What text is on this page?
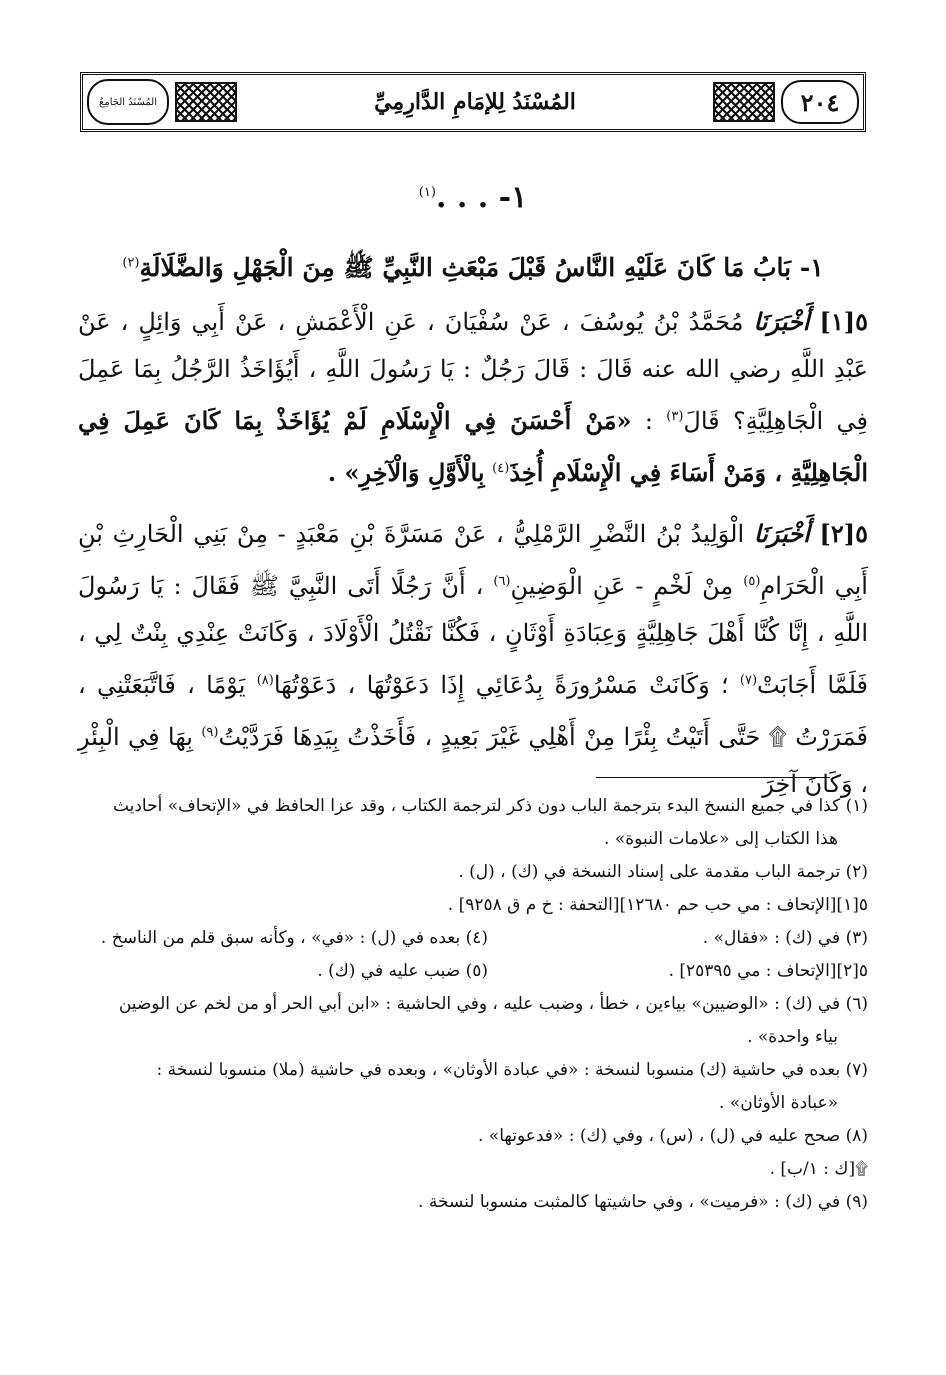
المُسْنَدُ الجَامِعُ	المُسْنَدُ لِلإمَامِ الدَّارِمِيِّ	٢٠٤
١- . . .$^{(١)}$
١- بَابُ مَا كَانَ عَلَيْهِ النَّاسُ قَبْلَ مَبْعَثِ النَّبِيِّ ﷺ مِنَ الْجَهْلِ وَالضَّلَالَةِ$^{(٢)}$
٥[١] أَخْبَرَنَا مُحَمَّدُ بْنُ يُوسُفَ ، عَنْ سُفْيَانَ ، عَنِ الْأَعْمَشِ ، عَنْ أَبِي وَائِلٍ ، عَنْ عَبْدِ اللَّهِ رضي الله عنه قَالَ : قَالَ رَجُلٌ : يَا رَسُولَ اللَّهِ ، أَيُؤَاخَذُ الرَّجُلُ بِمَا عَمِلَ فِي الْجَاهِلِيَّةِ؟ قَالَ$^{(٣)}$ : «مَنْ أَحْسَنَ فِي الْإِسْلَامِ لَمْ يُؤَاخَذْ بِمَا كَانَ عَمِلَ فِي الْجَاهِلِيَّةِ ، وَمَنْ أَسَاءَ فِي الْإِسْلَامِ أُخِذَ$^{(٤)}$ بِالْأَوَّلِ وَالْآخِرِ» .
٥[٢] أَخْبَرَنَا الْوَلِيدُ بْنُ النَّضْرِ الرَّمْلِيُّ ، عَنْ مَسَرَّةَ بْنِ مَعْبَدٍ - مِنْ بَنِي الْحَارِثِ بْنِ أَبِي الْحَرَامِ$^{(٥)}$ مِنْ لَخْمٍ - عَنِ الْوَضِينِ$^{(٦)}$ ، أَنَّ رَجُلًا أَتَى النَّبِيَّ ﷺ فَقَالَ : يَا رَسُولَ اللَّهِ ، إِنَّا كُنَّا أَهْلَ جَاهِلِيَّةٍ وَعِبَادَةِ أَوْثَانٍ ، فَكُنَّا نَقْتُلُ الْأَوْلَادَ ، وَكَانَتْ عِنْدِي بِنْتٌ لِي ، فَلَمَّا أَجَابَتْ$^{(٧)}$ ؛ وَكَانَتْ مَسْرُورَةً بِدُعَائِي إِذَا دَعَوْتُهَا ، دَعَوْتُهَا$^{(٨)}$ يَوْمًا ، فَاتَّبَعَتْنِي ، فَمَرَرْتُ ۩ حَتَّى أَتَيْتُ بِئْرًا مِنْ أَهْلِي غَيْرَ بَعِيدٍ ، فَأَخَذْتُ بِيَدِهَا فَرَدَّيْتُ$^{(٩)}$ بِهَا فِي الْبِئْرِ ، وَكَانَ آخِرَ

(١) كذا في جميع النسخ البدء بترجمة الباب دون ذكر لترجمة الكتاب ، وقد عزا الحافظ في «الإتحاف» أحاديث

هذا الكتاب إلى «علامات النبوة» .

(٢) ترجمة الباب مقدمة على إسناد النسخة في (ك) ، (ل) .

٥[١][الإتحاف : مي حب حم ١٢٦٨٠][التحفة : خ م ق ٩٢٥٨] .

(٣) في (ك) : «فقال» .
(٤) بعده في (ل) : «في» ، وكأنه سبق قلم من الناسخ .
٥[٢][الإتحاف : مي ٢٥٣٩٥] .
(٥) ضبب عليه في (ك) .

(٦) في (ك) : «الوضيين» بياءين ، خطأ ، وضبب عليه ، وفي الحاشية : «ابن أبي الحر أو من لخم عن الوضين

بياء واحدة» .

(٧) بعده في حاشية (ك) منسوبا لنسخة : «في عبادة الأوثان» ، وبعده في حاشية (ملا) منسوبا لنسخة :

«عبادة الأوثان» .

(٨) صحح عليه في (ل) ، (س) ، وفي (ك) : «فدعوتها» .

۩[ك : ١/ب] .

(٩) في (ك) : «فرميت» ، وفي حاشيتها كالمثبت منسوبا لنسخة .
